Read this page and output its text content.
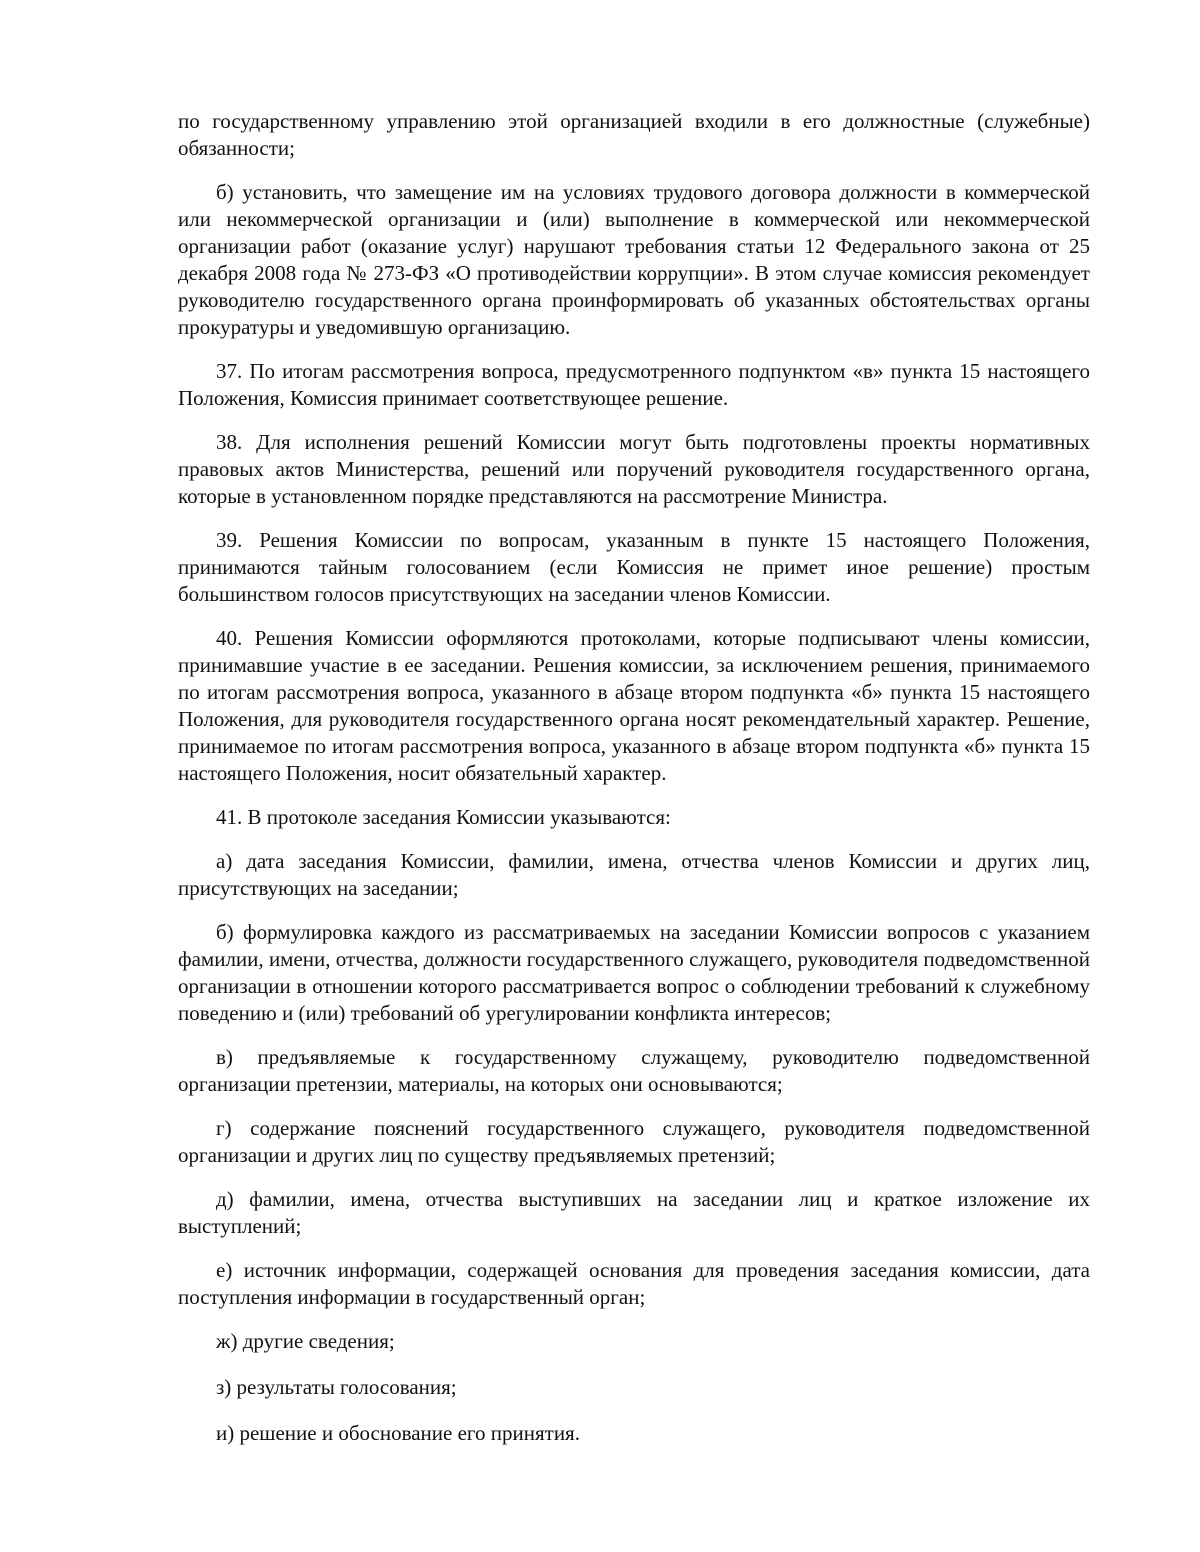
по государственному управлению этой организацией входили в его должностные (служебные) обязанности;

б) установить, что замещение им на условиях трудового договора должности в коммерческой или некоммерческой организации и (или) выполнение в коммерческой или некоммерческой организации работ (оказание услуг) нарушают требования статьи 12 Федерального закона от 25 декабря 2008 года № 273-ФЗ «О противодействии коррупции». В этом случае комиссия рекомендует руководителю государственного органа проинформировать об указанных обстоятельствах органы прокуратуры и уведомившую организацию.

37. По итогам рассмотрения вопроса, предусмотренного подпунктом «в» пункта 15 настоящего Положения, Комиссия принимает соответствующее решение.

38. Для исполнения решений Комиссии могут быть подготовлены проекты нормативных правовых актов Министерства, решений или поручений руководителя государственного органа, которые в установленном порядке представляются на рассмотрение Министра.

39. Решения Комиссии по вопросам, указанным в пункте 15 настоящего Положения, принимаются тайным голосованием (если Комиссия не примет иное решение) простым большинством голосов присутствующих на заседании членов Комиссии.

40. Решения Комиссии оформляются протоколами, которые подписывают члены комиссии, принимавшие участие в ее заседании. Решения комиссии, за исключением решения, принимаемого по итогам рассмотрения вопроса, указанного в абзаце втором подпункта «б» пункта 15 настоящего Положения, для руководителя государственного органа носят рекомендательный характер. Решение, принимаемое по итогам рассмотрения вопроса, указанного в абзаце втором подпункта «б» пункта 15 настоящего Положения, носит обязательный характер.

41. В протоколе заседания Комиссии указываются:

а) дата заседания Комиссии, фамилии, имена, отчества членов Комиссии и других лиц, присутствующих на заседании;

б) формулировка каждого из рассматриваемых на заседании Комиссии вопросов с указанием фамилии, имени, отчества, должности государственного служащего, руководителя подведомственной организации в отношении которого рассматривается вопрос о соблюдении требований к служебному поведению и (или) требований об урегулировании конфликта интересов;

в) предъявляемые к государственному служащему, руководителю подведомственной организации претензии, материалы, на которых они основываются;

г) содержание пояснений государственного служащего, руководителя подведомственной организации и других лиц по существу предъявляемых претензий;

д) фамилии, имена, отчества выступивших на заседании лиц и краткое изложение их выступлений;

е) источник информации, содержащей основания для проведения заседания комиссии, дата поступления информации в государственный орган;

ж) другие сведения;

з) результаты голосования;

и) решение и обоснование его принятия.
